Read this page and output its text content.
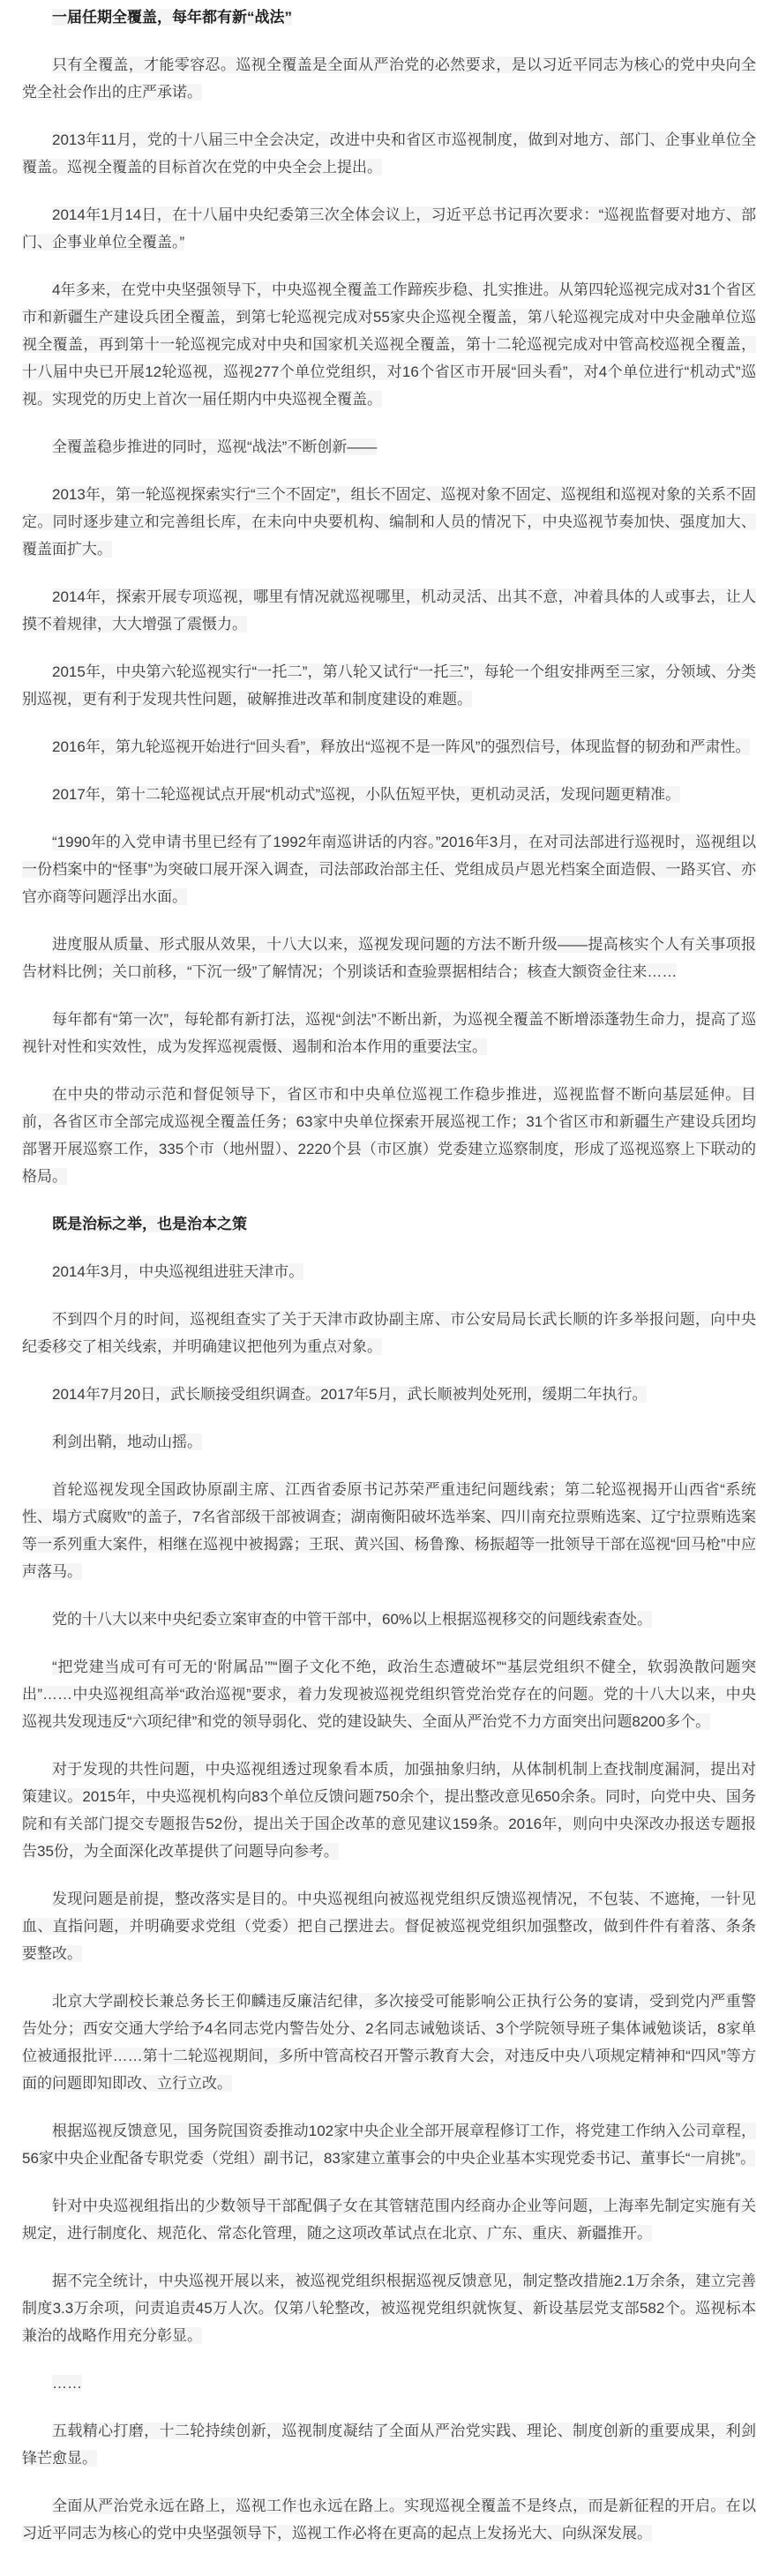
一届任期全覆盖，每年都有新“战法”

只有全覆盖，才能零容忍。巡视全覆盖是全面从严治党的必然要求，是以习近平同志为核心的党中央向全党全社会作出的庄严承诺。

2013年11月，党的十八届三中全会决定，改进中央和省区市巡视制度，做到对地方、部门、企事业单位全覆盖。巡视全覆盖的目标首次在党的中央全会上提出。

2014年1月14日，在十八届中央纪委第三次全体会议上，习近平总书记再次要求：“巡视监督要对地方、部门、企事业单位全覆盖。”

4年多来，在党中央坚强领导下，中央巡视全覆盖工作蹄疾步稳、扎实推进。从第四轮巡视完成对31个省区市和新疆生产建设兵团全覆盖，到第七轮巡视完成对55家央企巡视全覆盖，第八轮巡视完成对中央金融单位巡视全覆盖，再到第十一轮巡视完成对中央和国家机关巡视全覆盖，第十二轮巡视完成对中管高校巡视全覆盖，十八届中央已开展12轮巡视，巡视277个单位党组织，对16个省区市开展“回头看”，对4个单位进行“机动式”巡视。实现党的历史上首次一届任期内中央巡视全覆盖。

全覆盖稳步推进的同时，巡视“战法”不断创新——

2013年，第一轮巡视探索实行“三个不固定”，组长不固定、巡视对象不固定、巡视组和巡视对象的关系不固定。同时逐步建立和完善组长库，在未向中央要机构、编制和人员的情况下，中央巡视节奏加快、强度加大、覆盖面扩大。

2014年，探索开展专项巡视，哪里有情况就巡视哪里，机动灵活、出其不意，冲着具体的人或事去，让人摸不着规律，大大增强了震慑力。

2015年，中央第六轮巡视实行“一托二”，第八轮又试行“一托三”，每轮一个组安排两至三家，分领域、分类别巡视，更有利于发现共性问题，破解推进改革和制度建设的难题。

2016年，第九轮巡视开始进行“回头看”，释放出“巡视不是一阵风”的强烈信号，体现监督的韧劲和严肃性。

2017年，第十二轮巡视试点开展“机动式”巡视，小队伍短平快，更机动灵活，发现问题更精准。

“1990年的入党申请书里已经有了1992年南巡讲话的内容。”2016年3月，在对司法部进行巡视时，巡视组以一份档案中的“怪事”为突破口展开深入调查，司法部政治部主任、党组成员卢恩光档案全面造假、一路买官、亦官亦商等问题浮出水面。

进度服从质量、形式服从效果，十八大以来，巡视发现问题的方法不断升级——提高核实个人有关事项报告材料比例；关口前移，“下沉一级”了解情况；个别谈话和查验票据相结合；核查大额资金往来……

每年都有“第一次”，每轮都有新打法，巡视“剑法”不断出新，为巡视全覆盖不断增添蓬勃生命力，提高了巡视针对性和实效性，成为发挥巡视震慑、遏制和治本作用的重要法宝。

在中央的带动示范和督促领导下，省区市和中央单位巡视工作稳步推进，巡视监督不断向基层延伸。目前，各省区市全部完成巡视全覆盖任务；63家中央单位探索开展巡视工作；31个省区市和新疆生产建设兵团均部署开展巡察工作，335个市（地州盟）、2220个县（市区旗）党委建立巡察制度，形成了巡视巡察上下联动的格局。

既是治标之举，也是治本之策

2014年3月，中央巡视组进驻天津市。

不到四个月的时间，巡视组查实了关于天津市政协副主席、市公安局局长武长顺的许多举报问题，向中央纪委移交了相关线索，并明确建议把他列为重点对象。

2014年7月20日，武长顺接受组织调查。2017年5月，武长顺被判处死刑，缓期二年执行。

利剑出鞘，地动山摇。

首轮巡视发现全国政协原副主席、江西省委原书记苏荣严重违纪问题线索；第二轮巡视揭开山西省“系统性、塌方式腐败”的盖子，7名省部级干部被调查；湖南衡阳破坏选举案、四川南充拉票贿选案、辽宁拉票贿选案等一系列重大案件，相继在巡视中被揭露；王珉、黄兴国、杨鲁豫、杨振超等一批领导干部在巡视“回马枪”中应声落马。

党的十八大以来中央纪委立案审查的中管干部中，60%以上根据巡视移交的问题线索查处。

“把党建当成可有可无的‘附属品’”“圈子文化不绝，政治生态遭破坏”“基层党组织不健全，软弱涣散问题突出”……中央巡视组高举“政治巡视”要求，着力发现被巡视党组织管党治党存在的问题。党的十八大以来，中央巡视共发现违反“六项纪律”和党的领导弱化、党的建设缺失、全面从严治党不力方面突出问题8200多个。

对于发现的共性问题，中央巡视组透过现象看本质，加强抽象归纳，从体制机制上查找制度漏洞，提出对策建议。2015年，中央巡视机构向83个单位反馈问题750余个，提出整改意见650余条。同时，向党中央、国务院和有关部门提交专题报告52份，提出关于国企改革的意见建议159条。2016年，则向中央深改办报送专题报告35份，为全面深化改革提供了问题导向参考。

发现问题是前提，整改落实是目的。中央巡视组向被巡视党组织反馈巡视情况，不包装、不遮掩，一针见血、直指问题，并明确要求党组（党委）把自己摆进去。督促被巡视党组织加强整改，做到件件有着落、条条要整改。

北京大学副校长兼总务长王仰麟违反廉洁纪律，多次接受可能影响公正执行公务的宴请，受到党内严重警告处分；西安交通大学给予4名同志党内警告处分、2名同志诫勉谈话、3个学院领导班子集体诫勉谈话，8家单位被通报批评……第十二轮巡视期间，多所中管高校召开警示教育大会，对违反中央八项规定精神和“四风”等方面的问题即知即改、立行立改。

根据巡视反馈意见，国务院国资委推动102家中央企业全部开展章程修订工作，将党建工作纳入公司章程，56家中央企业配备专职党委（党组）副书记，83家建立董事会的中央企业基本实现党委书记、董事长“一肩挑”。

针对中央巡视组指出的少数领导干部配偶子女在其管辖范围内经商办企业等问题，上海率先制定实施有关规定，进行制度化、规范化、常态化管理，随之这项改革试点在北京、广东、重庆、新疆推开。

据不完全统计，中央巡视开展以来，被巡视党组织根据巡视反馈意见，制定整改措施2.1万余条，建立完善制度3.3万余项，问责追责45万人次。仅第八轮整改，被巡视党组织就恢复、新设基层党支部582个。巡视标本兼治的战略作用充分彰显。

……

五载精心打磨，十二轮持续创新，巡视制度凝结了全面从严治党实践、理论、制度创新的重要成果，利剑锋芒愈显。

全面从严治党永远在路上，巡视工作也永远在路上。实现巡视全覆盖不是终点，而是新征程的开启。在以习近平同志为核心的党中央坚强领导下，巡视工作必将在更高的起点上发扬光大、向纵深发展。
